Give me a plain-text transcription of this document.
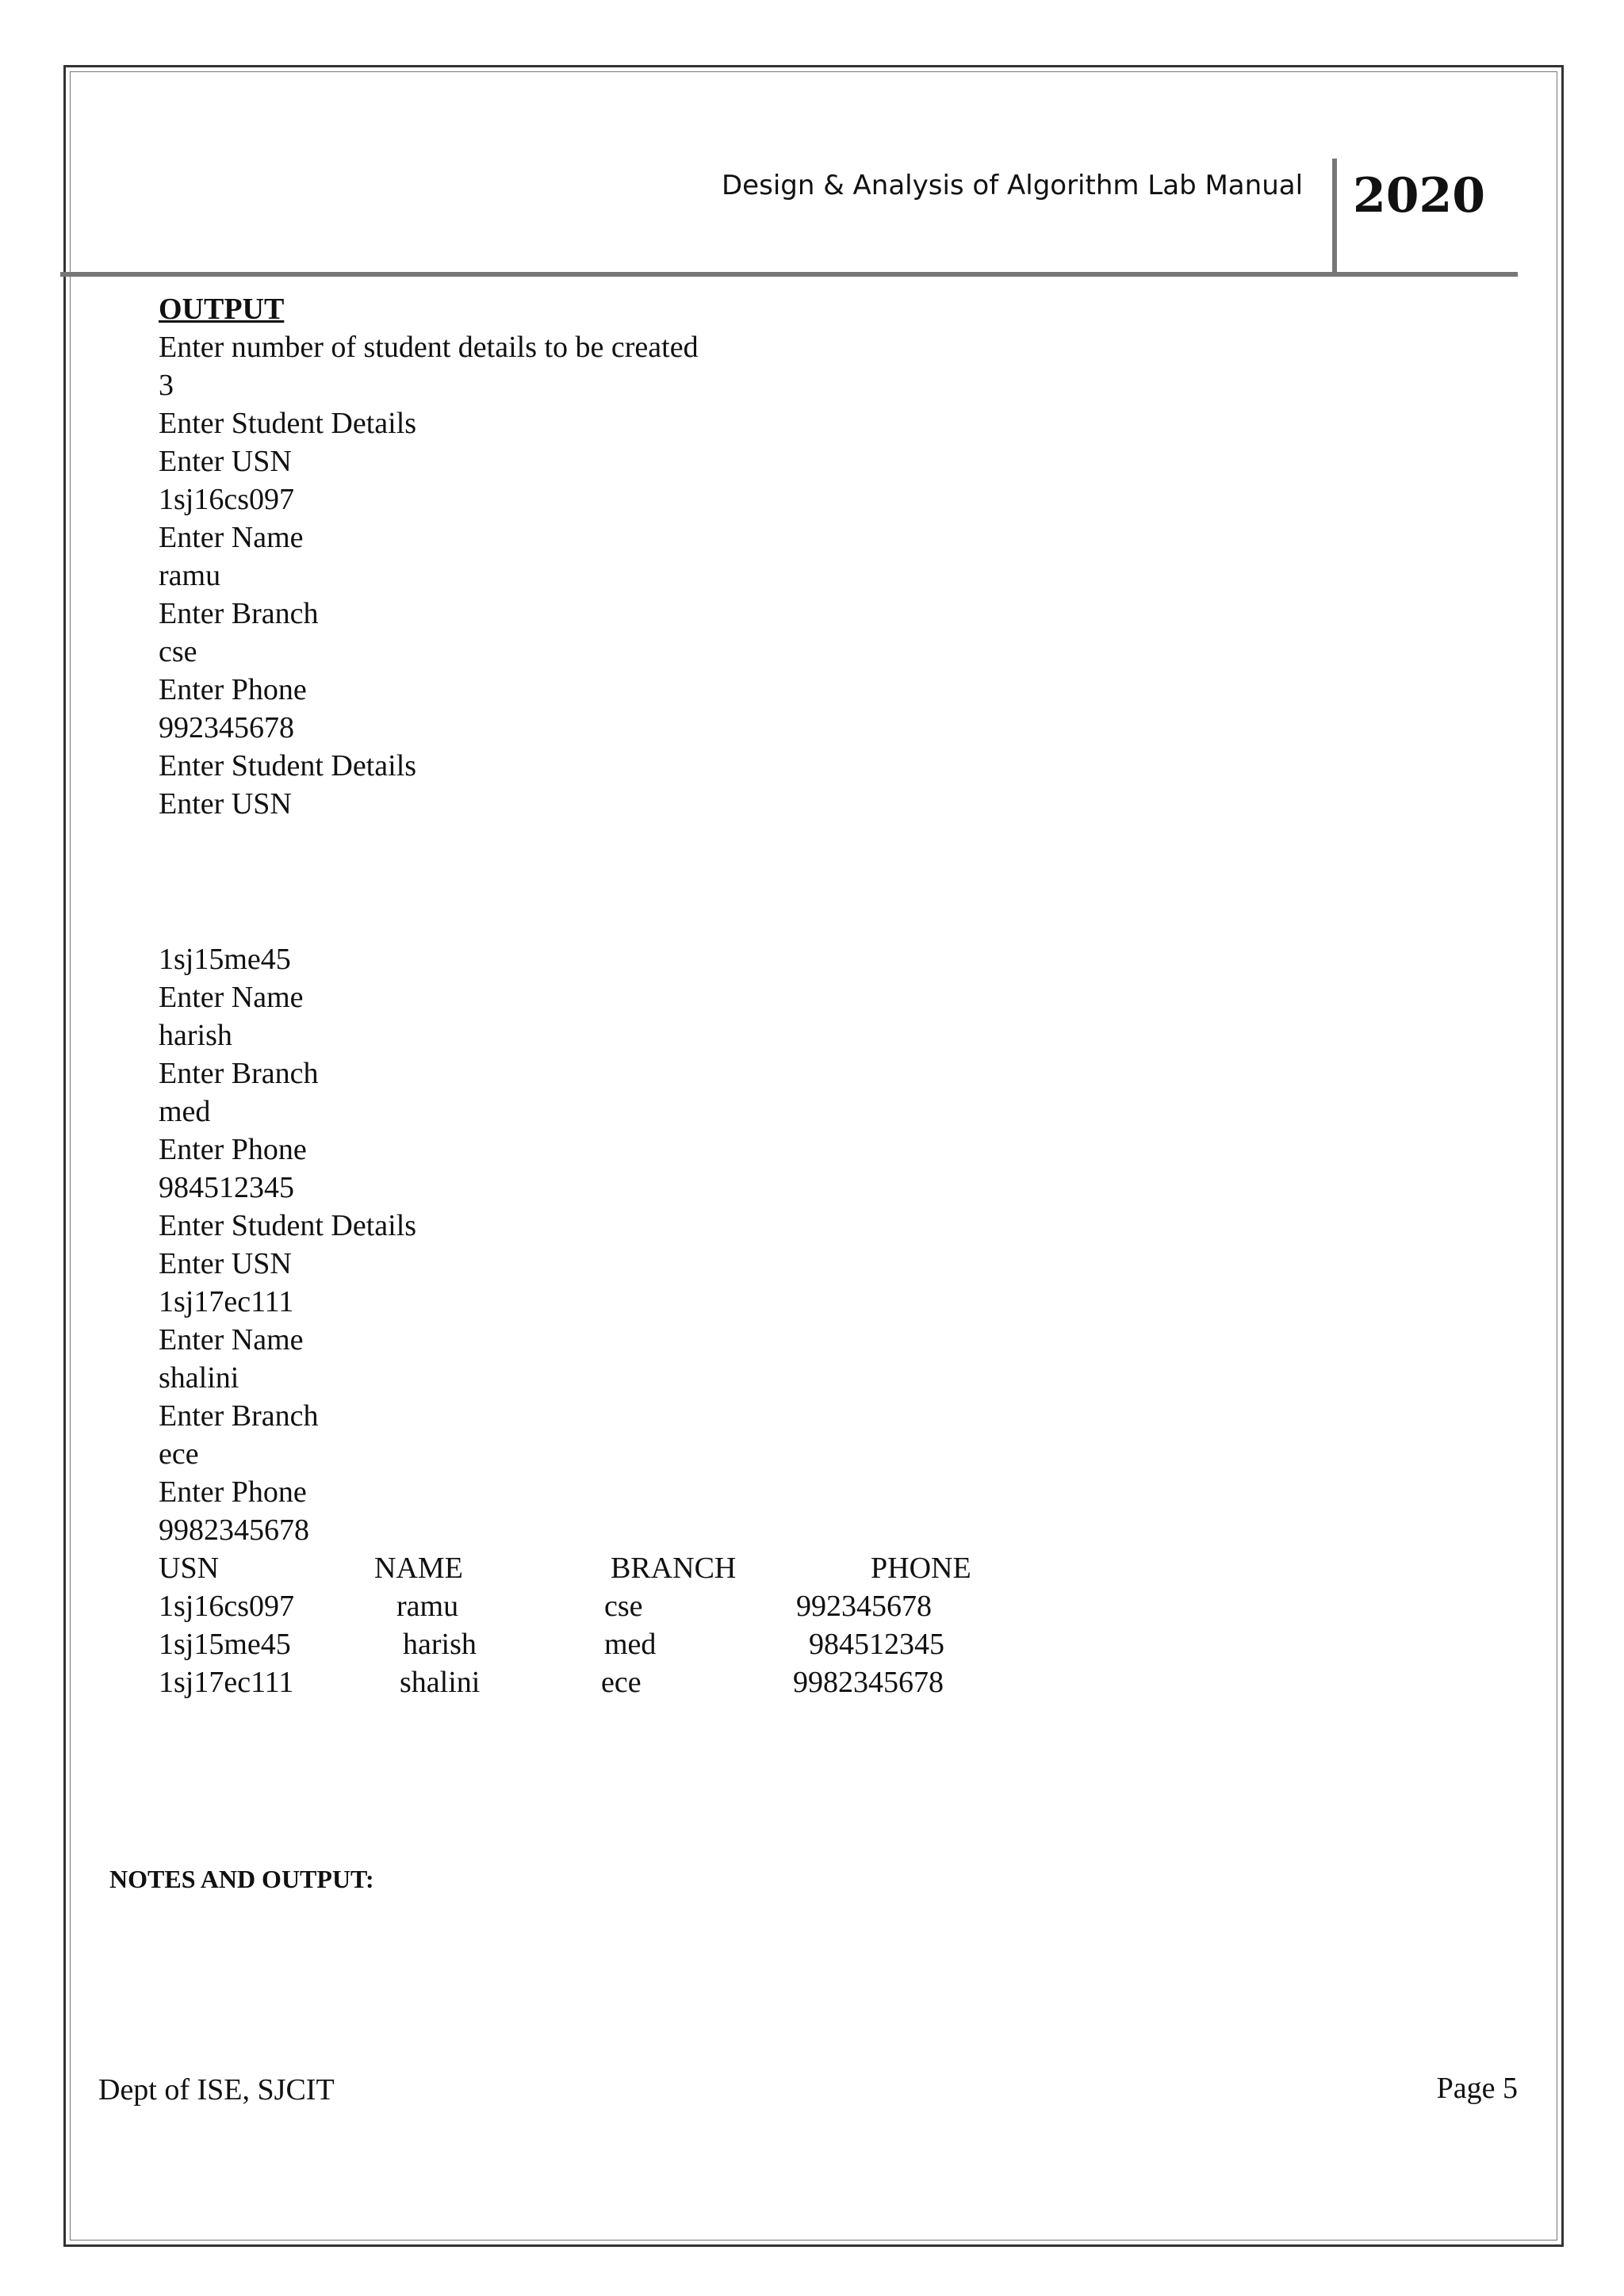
Design & Analysis of Algorithm Lab Manual 2020
OUTPUT
Enter number of student details to be created
3
Enter Student Details
Enter USN
1sj16cs097
Enter Name
ramu
Enter Branch
cse
Enter Phone
992345678
Enter Student Details
Enter USN
1sj15me45
Enter Name
harish
Enter Branch
med
Enter Phone
984512345
Enter Student Details
Enter USN
1sj17ec111
Enter Name
shalini
Enter Branch
ece
Enter Phone
9982345678
USN	NAME	BRANCH	PHONE
1sj16cs097	ramu	cse	992345678
1sj15me45	harish	med	984512345
1sj17ec111	shalini	ece	9982345678
NOTES AND OUTPUT:
Dept of ISE, SJCIT	Page 5
